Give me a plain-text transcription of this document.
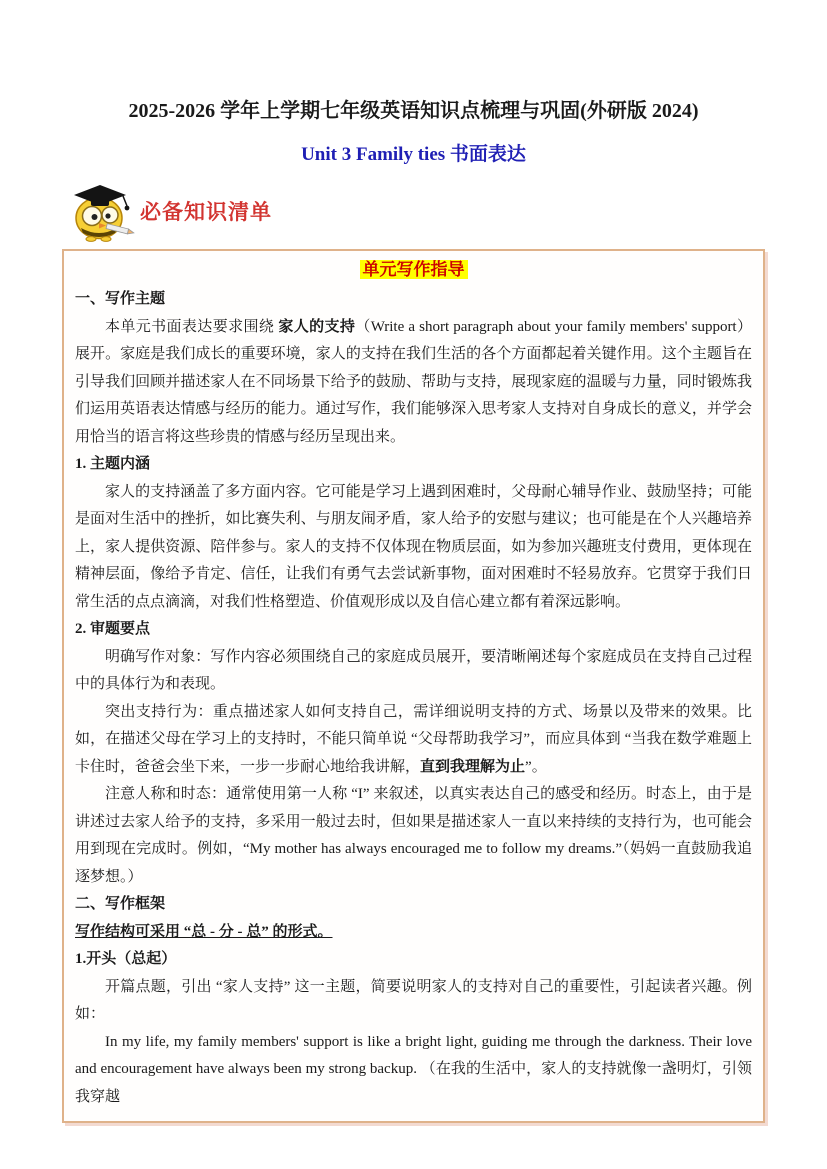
2025-2026 学年上学期七年级英语知识点梳理与巩固(外研版 2024)
Unit 3 Family ties 书面表达
必备知识清单
单元写作指导
一、写作主题

本单元书面表达要求围绕 家人的支持（Write a short paragraph about your family members' support）展开。家庭是我们成长的重要环境，家人的支持在我们生活的各个方面都起着关键作用。这个主题旨在引导我们回顾并描述家人在不同场景下给予的鼓励、帮助与支持，展现家庭的温暖与力量，同时锻炼我们运用英语表达情感与经历的能力。通过写作，我们能够深入思考家人支持对自身成长的意义，并学会用恰当的语言将这些珍贵的情感与经历呈现出来。

1. 主题内涵

家人的支持涵盖了多方面内容。它可能是学习上遇到困难时，父母耐心辅导作业、鼓励坚持；可能是面对生活中的挫折，如比赛失利、与朋友闹矛盾，家人给予的安慰与建议；也可能是在个人兴趣培养上，家人提供资源、陪伴参与。家人的支持不仅体现在物质层面，如为参加兴趣班支付费用，更体现在精神层面，像给予肯定、信任，让我们有勇气去尝试新事物，面对困难时不轻易放弃。它贯穿于我们日常生活的点点滴滴，对我们性格塑造、价值观形成以及自信心建立都有着深远影响。

2. 审题要点

明确写作对象：写作内容必须围绕自己的家庭成员展开，要清晰阐述每个家庭成员在支持自己过程中的具体行为和表现。

突出支持行为：重点描述家人如何支持自己，需详细说明支持的方式、场景以及带来的效果。比如，在描述父母在学习上的支持时，不能只简单说 “父母帮助我学习”，而应具体到 “当我在数学难题上卡住时，爸爸会坐下来，一步一步耐心地给我讲解，直到我理解为止”。

注意人称和时态：通常使用第一人称 “I” 来叙述，以真实表达自己的感受和经历。时态上，由于是讲述过去家人给予的支持，多采用一般过去时，但如果是描述家人一直以来持续的支持行为，也可能会用到现在完成时。例如，“My mother has always encouraged me to follow my dreams.”（妈妈一直鼓励我追逐梦想。）

二、写作框架
写作结构可采用 “总 - 分 - 总” 的形式。
1.开头（总起）

开篇点题，引出 “家人支持” 这一主题，简要说明家人的支持对自己的重要性，引起读者兴趣。例如：

In my life, my family members' support is like a bright light, guiding me through the darkness. Their love and encouragement have always been my strong backup. （在我的生活中，家人的支持就像一盏明灯，引领我穿越
